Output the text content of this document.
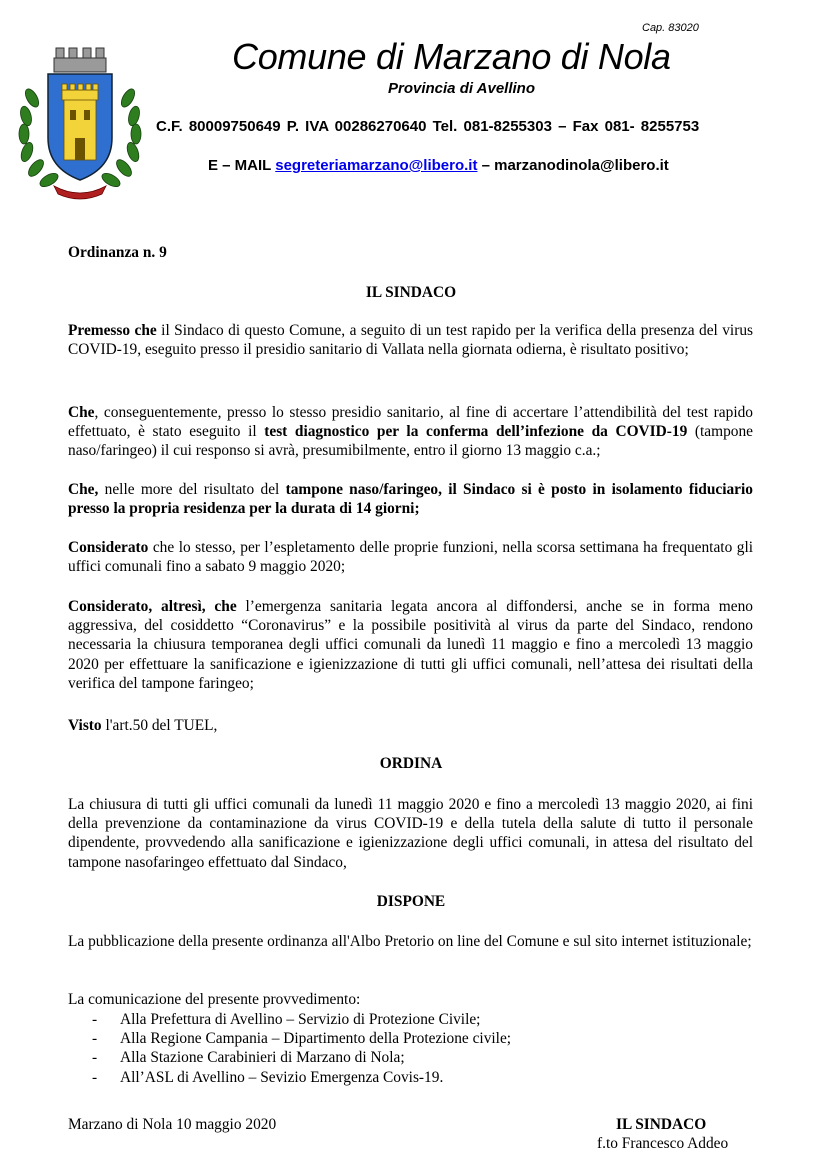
Cap. 83020
Comune di Marzano di Nola
Provincia di Avellino
C.F. 80009750649 P. IVA 00286270640 Tel. 081-8255303 – Fax 081- 8255753
E – MAIL segreteriamarzano@libero.it – marzanodinola@libero.it
Ordinanza n. 9
IL SINDACO
Premesso che il Sindaco di questo Comune, a seguito di un test rapido per la verifica della presenza del virus COVID-19, eseguito presso il presidio sanitario di Vallata nella giornata odierna, è risultato positivo;
Che, conseguentemente, presso lo stesso presidio sanitario, al fine di accertare l’attendibilità del test rapido effettuato, è stato eseguito il test diagnostico per la conferma dell’infezione da COVID-19 (tampone naso/faringeo) il cui responso si avrà, presumibilmente, entro il giorno 13 maggio c.a.;
Che, nelle more del risultato del tampone naso/faringeo, il Sindaco si è posto in isolamento fiduciario presso la propria residenza per la durata di 14 giorni;
Considerato che lo stesso, per l’espletamento delle proprie funzioni, nella scorsa settimana ha frequentato gli uffici comunali fino a sabato 9 maggio 2020;
Considerato, altresì, che l’emergenza sanitaria legata ancora al diffondersi, anche se in forma meno aggressiva, del cosiddetto “Coronavirus” e la possibile positività al virus da parte del Sindaco, rendono necessaria la chiusura temporanea degli uffici comunali da lunedì 11 maggio e fino a mercoledì 13 maggio 2020 per effettuare la sanificazione e igienizzazione di tutti gli uffici comunali, nell’attesa dei risultati della verifica del tampone faringeo;
Visto l'art.50 del TUEL,
ORDINA
La chiusura di tutti gli uffici comunali da lunedì 11 maggio 2020 e fino a mercoledì 13 maggio 2020, ai fini della prevenzione da contaminazione da virus COVID-19 e della tutela della salute di tutto il personale dipendente, provvedendo alla sanificazione e igienizzazione degli uffici comunali, in attesa del risultato del tampone nasofaringeo effettuato dal Sindaco,
DISPONE
La pubblicazione della presente ordinanza all'Albo Pretorio on line del Comune e sul sito internet istituzionale;
La comunicazione del presente provvedimento:
- Alla Prefettura di Avellino – Servizio di Protezione Civile;
- Alla Regione Campania – Dipartimento della Protezione civile;
- Alla Stazione Carabinieri di Marzano di Nola;
- All’ASL di Avellino – Sevizio Emergenza Covis-19.
Marzano di Nola 10 maggio 2020	IL SINDACO
f.to Francesco Addeo
